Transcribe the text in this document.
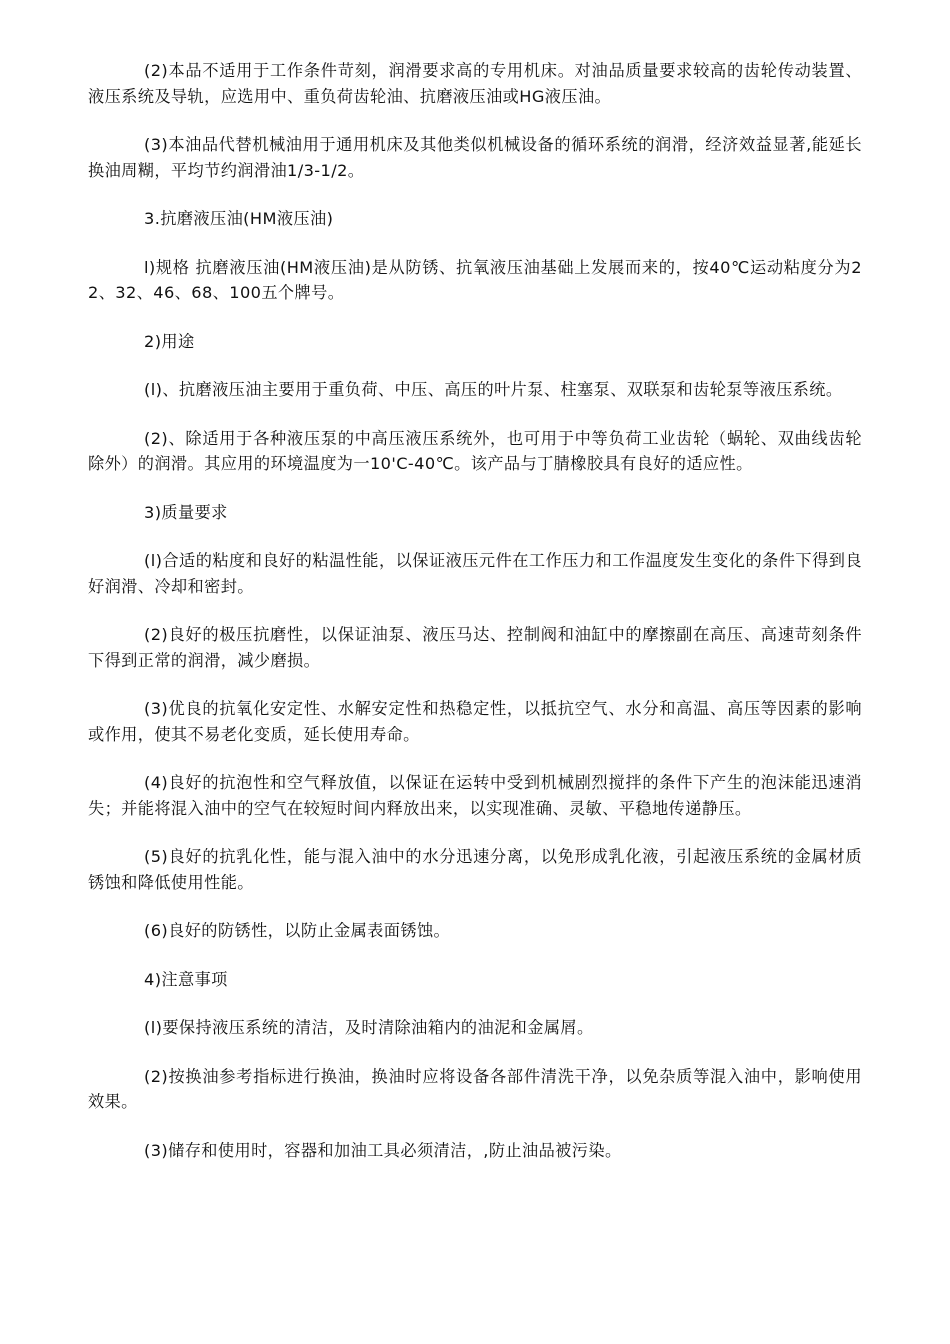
(2)本品不适用于工作条件苛刻，润滑要求高的专用机床。对油品质量要求较高的齿轮传动装置、液压系统及导轨，应选用中、重负荷齿轮油、抗磨液压油或HG液压油。

(3)本油品代替机械油用于通用机床及其他类似机械设备的循环系统的润滑，经济效益显著,能延长换油周糊，平均节约润滑油1/3-1/2。

3.抗磨液压油(HM液压油)

l)规格 抗磨液压油(HM液压油)是从防锈、抗氧液压油基础上发展而来的，按40℃运动粘度分为22、32、46、68、100五个牌号。

2)用途

(l)、抗磨液压油主要用于重负荷、中压、高压的叶片泵、柱塞泵、双联泵和齿轮泵等液压系统。

(2)、除适用于各种液压泵的中高压液压系统外，也可用于中等负荷工业齿轮（蜗轮、双曲线齿轮除外）的润滑。其应用的环境温度为一10'C-40℃。该产品与丁腈橡胶具有良好的适应性。

3)质量要求

(l)合适的粘度和良好的粘温性能，以保证液压元件在工作压力和工作温度发生变化的条件下得到良好润滑、冷却和密封。

(2)良好的极压抗磨性，以保证油泵、液压马达、控制阀和油缸中的摩擦副在高压、高速苛刻条件下得到正常的润滑，减少磨损。

(3)优良的抗氧化安定性、水解安定性和热稳定性，以抵抗空气、水分和高温、高压等因素的影响或作用，使其不易老化变质，延长使用寿命。

(4)良好的抗泡性和空气释放值，以保证在运转中受到机械剧烈搅拌的条件下产生的泡沫能迅速消失；并能将混入油中的空气在较短时间内释放出来，以实现准确、灵敏、平稳地传递静压。

(5)良好的抗乳化性，能与混入油中的水分迅速分离，以免形成乳化液，引起液压系统的金属材质锈蚀和降低使用性能。

(6)良好的防锈性，以防止金属表面锈蚀。

4)注意事项

(l)要保持液压系统的清洁，及时清除油箱内的油泥和金属屑。

(2)按换油参考指标进行换油，换油时应将设备各部件清洗干净，以免杂质等混入油中，影响使用效果。

(3)储存和使用时，容器和加油工具必须清洁，,防止油品被污染。
